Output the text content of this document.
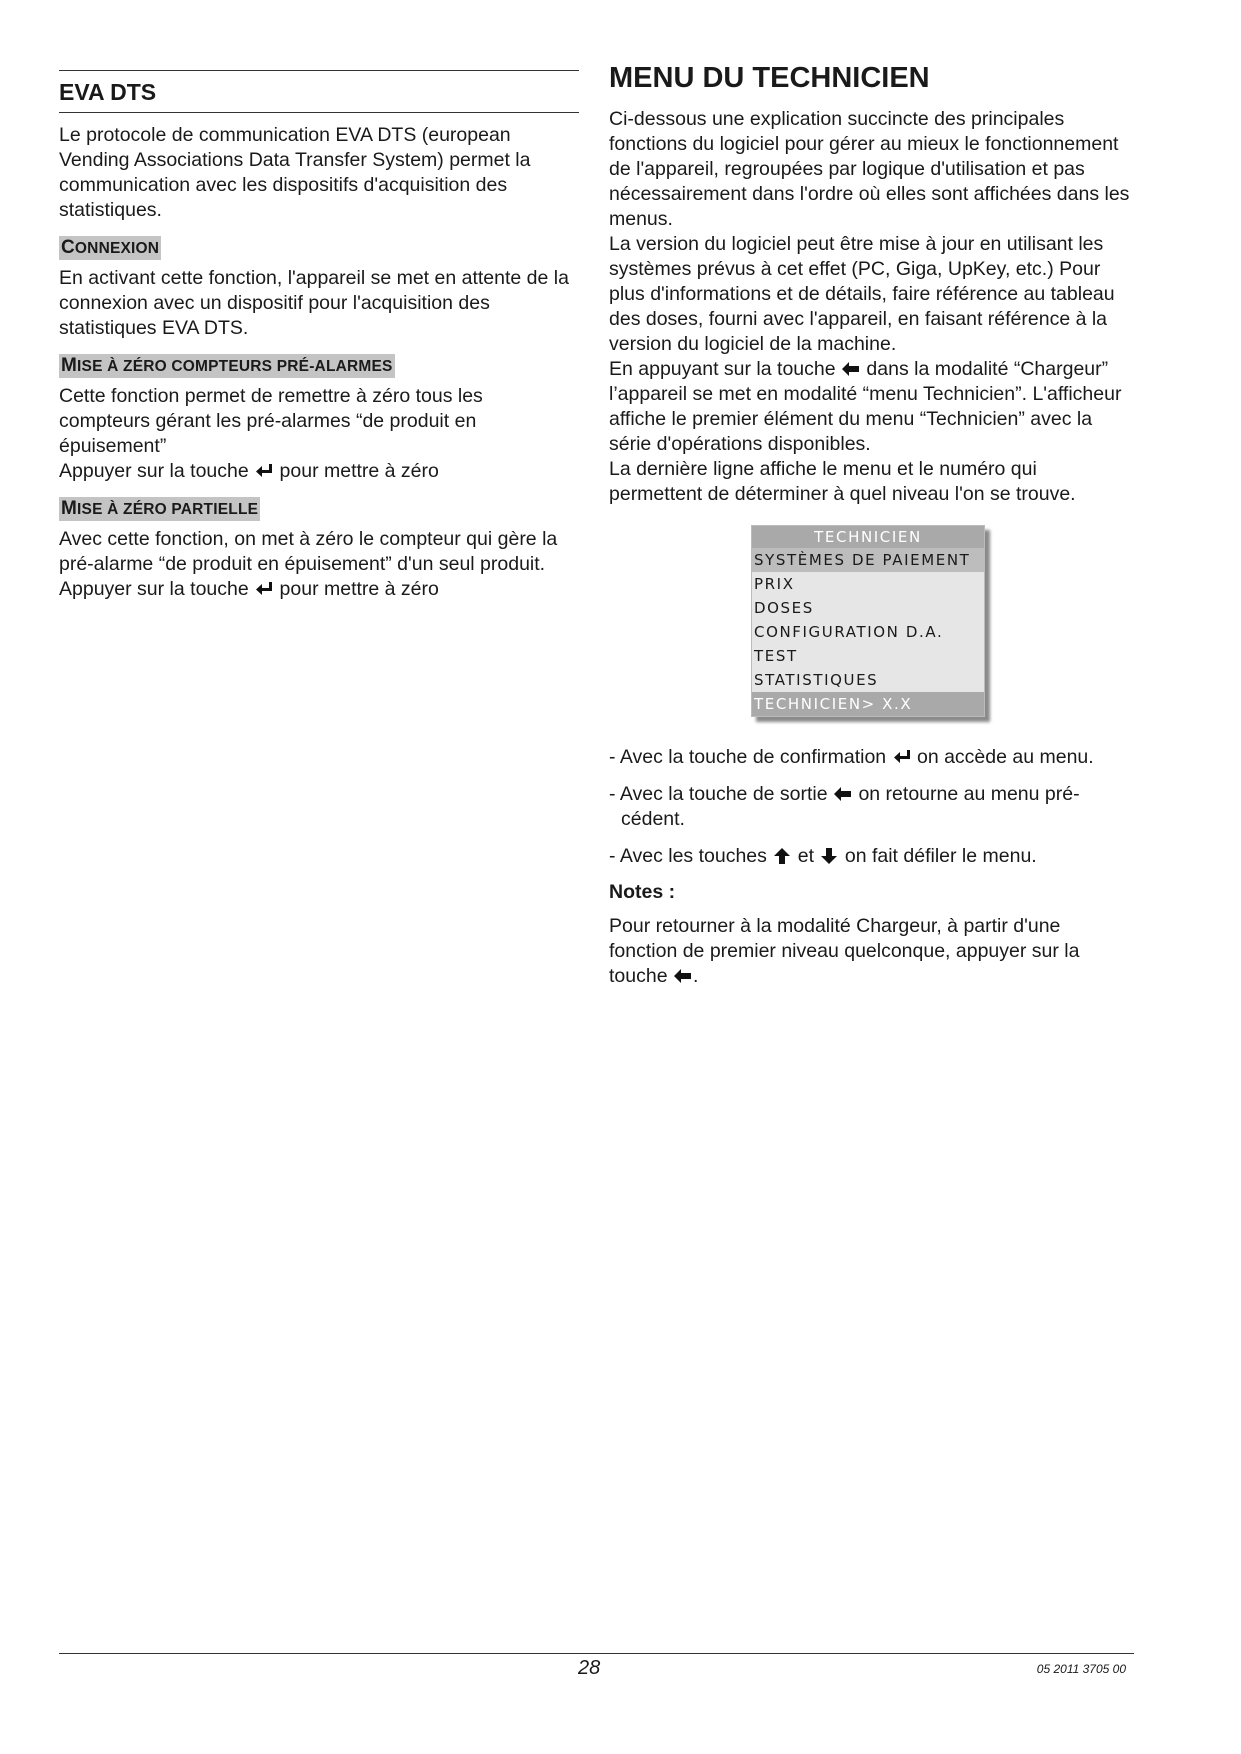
EVA DTS

Le protocole de communication EVA DTS (european Vending Associations Data Transfer System) permet la communication avec les dispositifs d'acquisition des statistiques.

CONNEXION

En activant cette fonction, l'appareil se met en attente de la connexion avec un dispositif pour l'acquisition des statistiques EVA DTS.

MISE À ZÉRO COMPTEURS PRÉ-ALARMES

Cette fonction permet de remettre à zéro tous les compteurs gérant les pré-alarmes “de produit en épuisement”

Appuyer sur la touche pour mettre à zéro

MISE À ZÉRO PARTIELLE

Avec cette fonction, on met à zéro le compteur qui gère la pré-alarme “de produit en épuisement” d'un seul produit.

Appuyer sur la touche pour mettre à zéro

MENU DU TECHNICIEN

Ci-dessous une explication succincte des principales fonctions du logiciel pour gérer au mieux le fonctionnement de l'appareil, regroupées par logique d'utilisation et pas nécessairement dans l'ordre où elles sont affichées dans les menus.

La version du logiciel peut être mise à jour en utilisant les systèmes prévus à cet effet (PC, Giga, UpKey, etc.) Pour plus d'informations et de détails, faire référence au tableau des doses, fourni avec l'appareil, en faisant référence à la version du logiciel de la machine.

En appuyant sur la touche dans la modalité “Chargeur” l’appareil se met en modalité “menu Technicien”. L'afficheur affiche le premier élément du menu “Technicien” avec la série d'opérations disponibles.

La dernière ligne affiche le menu et le numéro qui permettent de déterminer à quel niveau l'on se trouve.

TECHNICIEN
SYSTÈMES DE PAIEMENT
PRIX
DOSES
CONFIGURATION D.A.
TEST
STATISTIQUES
TECHNICIEN> X.X

- Avec la touche de confirmation on accède au menu.

- Avec la touche de sortie on retourne au menu pré-
cédent.

- Avec les touches et on fait défiler le menu.

Notes :

Pour retourner à la modalité Chargeur, à partir d'une fonction de premier niveau quelconque, appuyer sur la touche .

28	05 2011 3705 00
